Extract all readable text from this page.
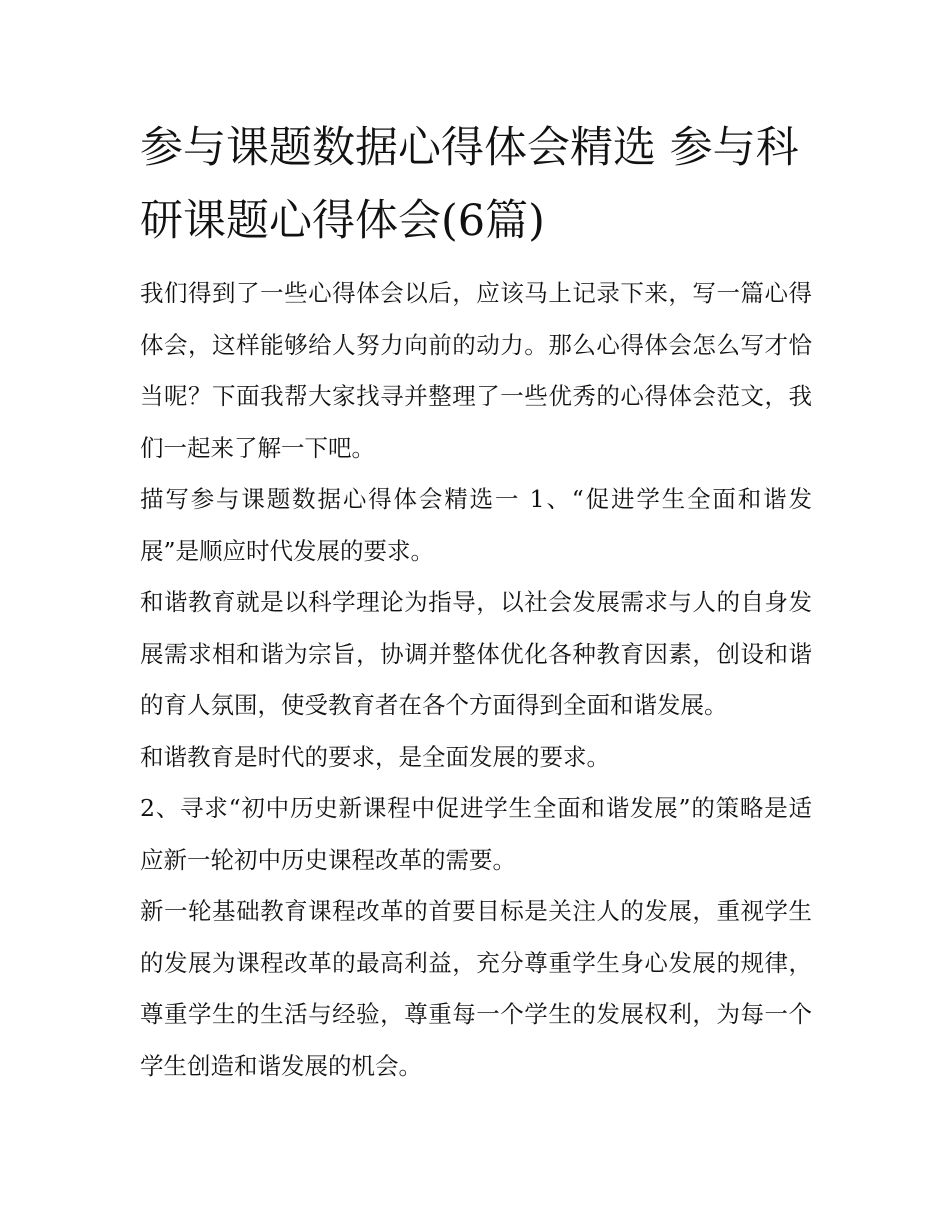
参与课题数据心得体会精选 参与科研课题心得体会(6篇)

我们得到了一些心得体会以后，应该马上记录下来，写一篇心得体会，这样能够给人努力向前的动力。那么心得体会怎么写才恰当呢？下面我帮大家找寻并整理了一些优秀的心得体会范文，我们一起来了解一下吧。

描写参与课题数据心得体会精选一 1、“促进学生全面和谐发展”是顺应时代发展的要求。

和谐教育就是以科学理论为指导，以社会发展需求与人的自身发展需求相和谐为宗旨，协调并整体优化各种教育因素，创设和谐的育人氛围，使受教育者在各个方面得到全面和谐发展。

和谐教育是时代的要求，是全面发展的要求。

2、寻求“初中历史新课程中促进学生全面和谐发展”的策略是适应新一轮初中历史课程改革的需要。

新一轮基础教育课程改革的首要目标是关注人的发展，重视学生的发展为课程改革的最高利益，充分尊重学生身心发展的规律，尊重学生的生活与经验，尊重每一个学生的发展权利，为每一个学生创造和谐发展的机会。
